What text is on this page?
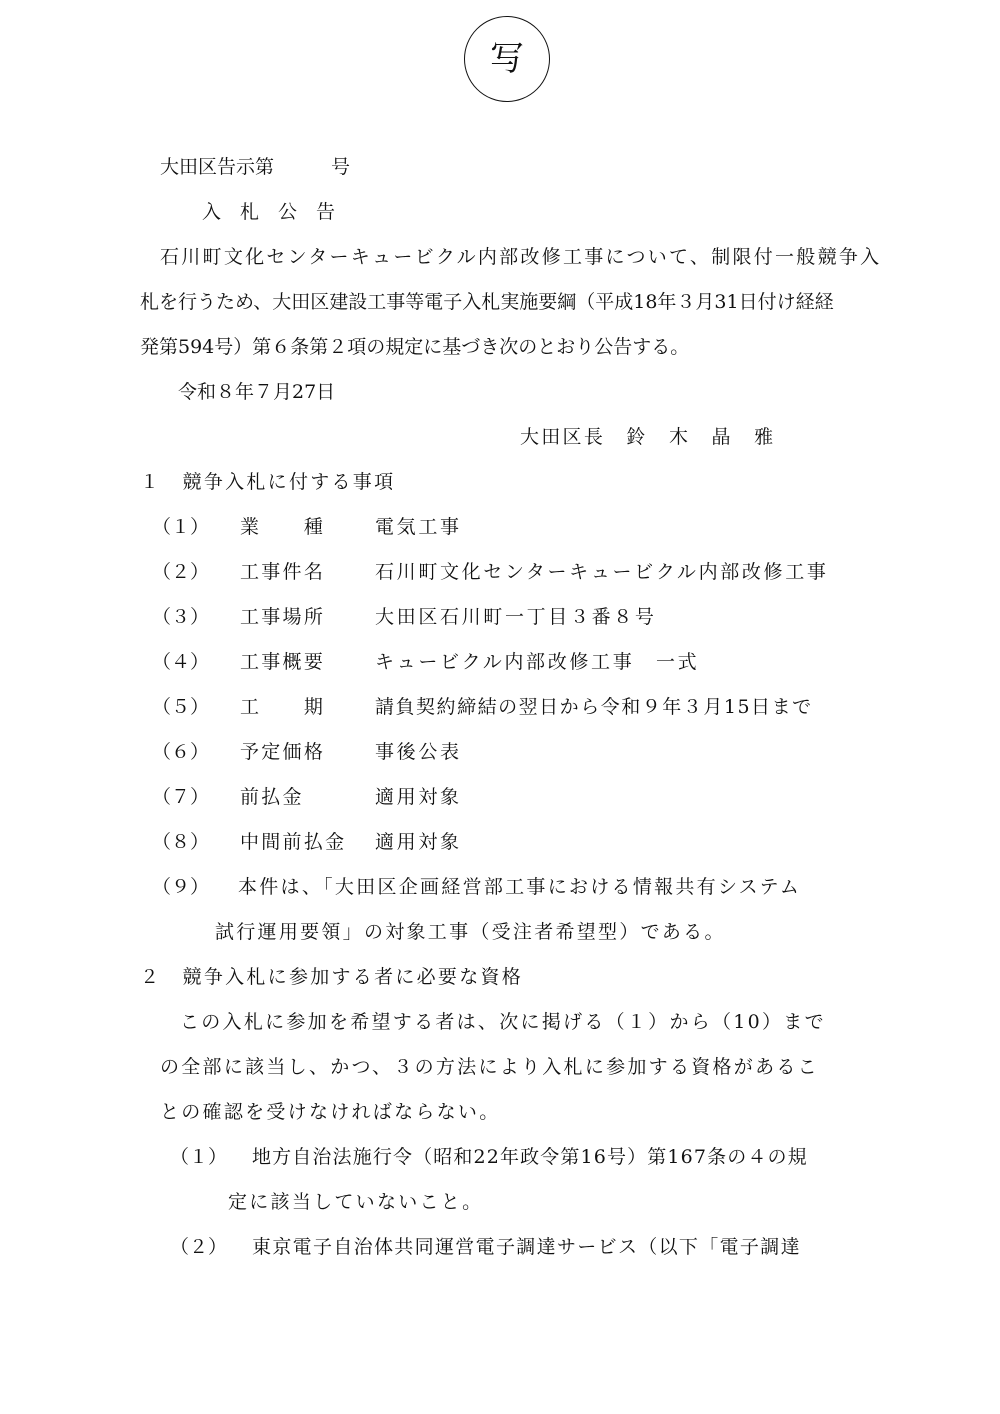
写
大田区告示第　　　号
入　札　公　告
石川町文化センターキュービクル内部改修工事について、制限付一般競争入
札を行うため、大田区建設工事等電子入札実施要綱（平成18年３月31日付け経経
発第594号）第６条第２項の規定に基づき次のとおり公告する。
令和８年７月27日
大田区長　鈴　木　晶　雅
１　競争入札に付する事項
（１） 業　　種	電気工事
（２） 工事件名	石川町文化センターキュービクル内部改修工事
（３） 工事場所	大田区石川町一丁目３番８号
（４） 工事概要	キュービクル内部改修工事　一式
（５） 工　　期	請負契約締結の翌日から令和９年３月15日まで
（６） 予定価格	事後公表
（７） 前払金	適用対象
（８） 中間前払金 適用対象
（９） 本件は、「大田区企画経営部工事における情報共有システム
試行運用要領」の対象工事（受注者希望型）である。
２　競争入札に参加する者に必要な資格
この入札に参加を希望する者は、次に掲げる（１）から（10）まで
の全部に該当し、かつ、３の方法により入札に参加する資格があるこ
との確認を受けなければならない。
（１） 地方自治法施行令（昭和22年政令第16号）第167条の４の規
定に該当していないこと。
（２） 東京電子自治体共同運営電子調達サービス（以下「電子調達
